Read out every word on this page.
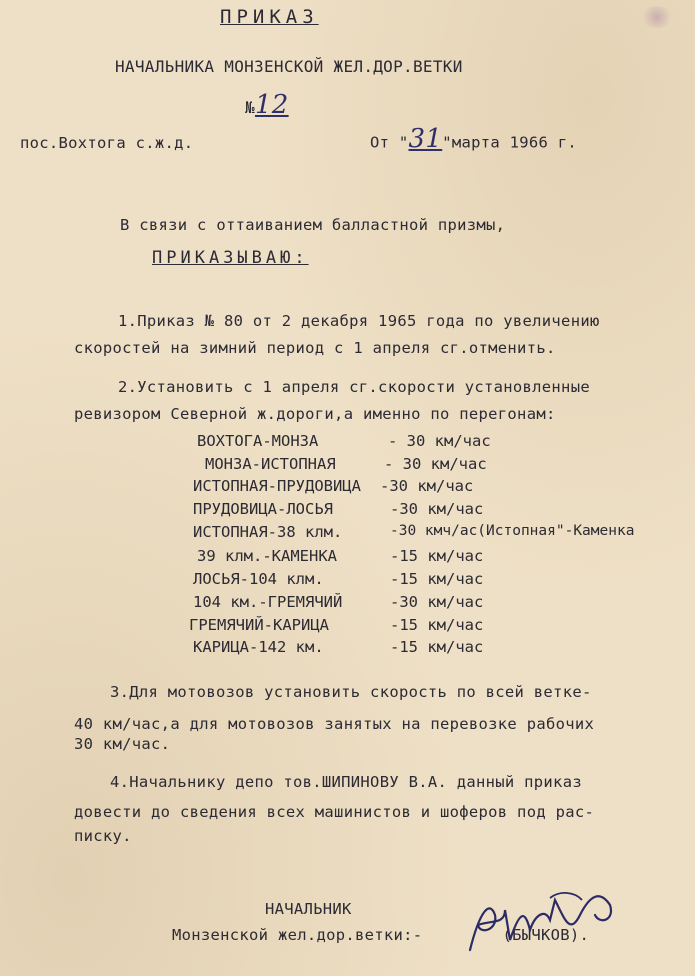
ПРИКАЗ
НАЧАЛЬНИКА МОНЗЕНСКОЙ ЖЕЛ.ДОР.ВЕТКИ
№12
пос.Вохтога с.ж.д.	От "31"марта 1966 г.
В связи с оттаиванием балластной призмы,
ПРИКАЗЫВАЮ:
1.Приказ № 80 от 2 декабря 1965 года по увеличению
скоростей на зимний период с 1 апреля сг.отменить.
2.Установить с 1 апреля сг.скорости установленные
ревизором Северной ж.дороги,а именно по перегонам:
ВОХТОГА-МОНЗА	- 30 км/час
МОНЗА-ИСТОПНАЯ	- 30 км/час
ИСТОПНАЯ-ПРУДОВИЦА -30 км/час
ПРУДОВИЦА-ЛОСЬЯ	-30 км/час
ИСТОПНАЯ-38 клм.	-30 кмч/ас(Истопная"-Каменка
39 клм.-КАМЕНКА	-15 км/час
ЛОСЬЯ-104 клм.	-15 км/час
104 км.-ГРЕМЯЧИЙ	-30 км/час
ГРЕМЯЧИЙ-КАРИЦА	-15 км/час
КАРИЦА-142 км.	-15 км/час
3.Для мотовозов установить скорость по всей ветке-
40 км/час,а для мотовозов занятых на перевозке рабочих
30 км/час.
4.Начальнику депо тов.ШИПИНОВУ В.А. данный приказ
довести до сведения всех машинистов и шоферов под рас-
писку.
НАЧАЛЬНИК
Монзенской жел.дор.ветки:-	(БЫЧКОВ).
